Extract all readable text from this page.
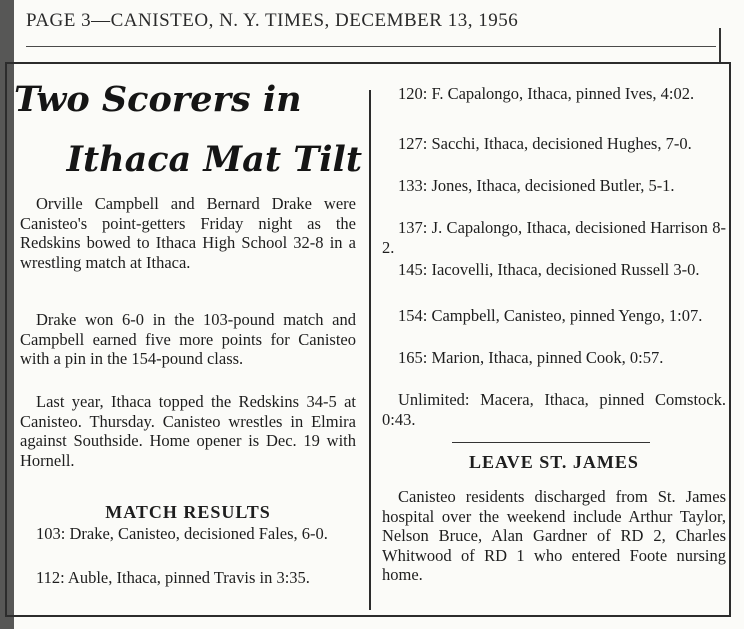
PAGE 3—CANISTEO, N. Y. TIMES, DECEMBER 13, 1956
Two Scorers in
Ithaca Mat Tilt
Orville Campbell and Bernard Drake were Canisteo's point-getters Friday night as the Redskins bowed to Ithaca High School 32-8 in a wrestling match at Ithaca.
Drake won 6-0 in the 103-pound match and Campbell earned five more points for Canisteo with a pin in the 154-pound class.
Last year, Ithaca topped the Redskins 34-5 at Canisteo. Thursday. Canisteo wrestles in Elmira against Southside. Home opener is Dec. 19 with Hornell.
MATCH RESULTS
103: Drake, Canisteo, decisioned Fales, 6-0.
112: Auble, Ithaca, pinned Travis in 3:35.
120: F. Capalongo, Ithaca, pinned Ives, 4:02.
127: Sacchi, Ithaca, decisioned Hughes, 7-0.
133: Jones, Ithaca, decisioned Butler, 5-1.
137: J. Capalongo, Ithaca, decisioned Harrison 8-2.
145: Iacovelli, Ithaca, decisioned Russell 3-0.
154: Campbell, Canisteo, pinned Yengo, 1:07.
165: Marion, Ithaca, pinned Cook, 0:57.
Unlimited: Macera, Ithaca, pinned Comstock. 0:43.
LEAVE ST. JAMES
Canisteo residents discharged from St. James hospital over the weekend include Arthur Taylor, Nelson Bruce, Alan Gardner of RD 2, Charles Whitwood of RD 1 who entered Foote nursing home.
